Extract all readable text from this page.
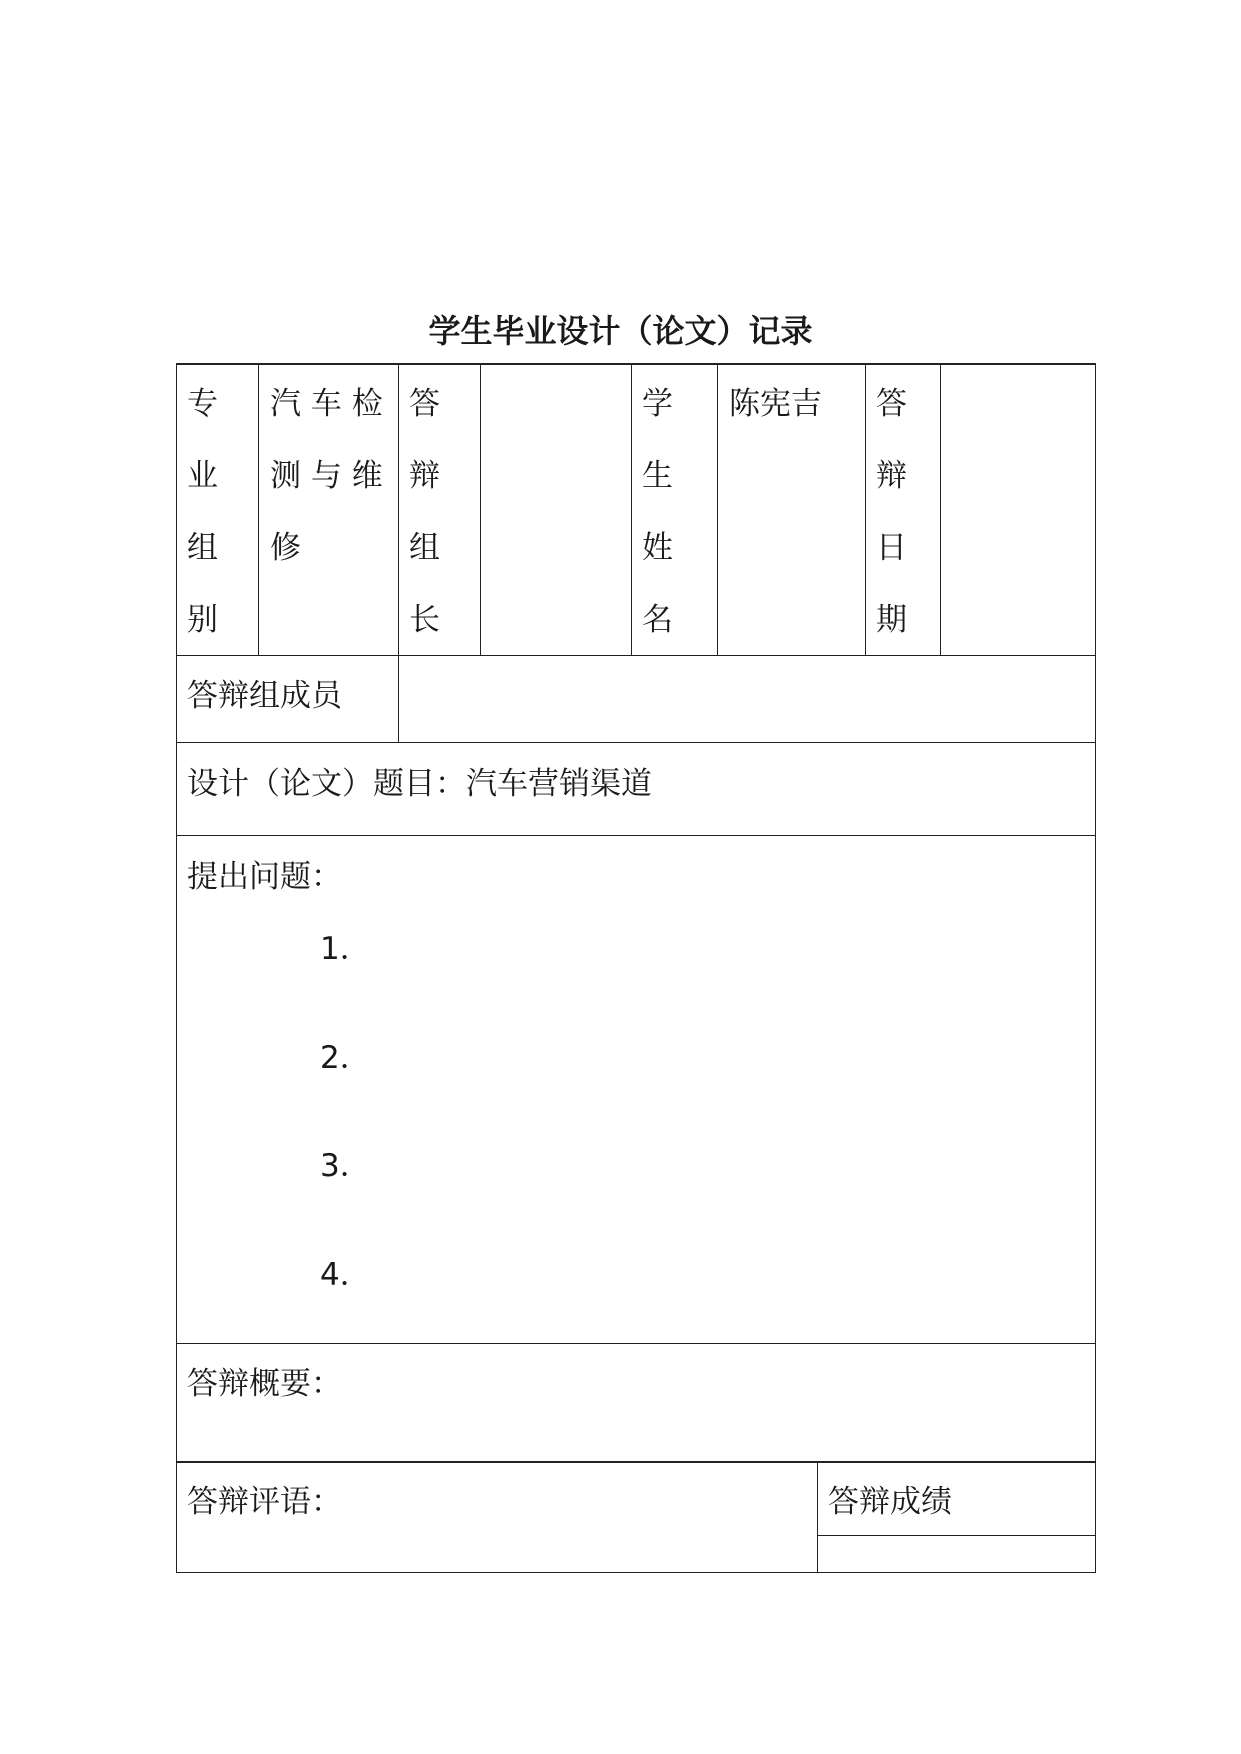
学生毕业设计（论文）记录
专
业
组
别
汽 车 检
测 与 维
修
答
辩
组
长
学
生
姓
名
陈宪吉	答
辩
日
期
答辩组成员
设计（论文）题目：汽车营销渠道
提出问题：
1．
2．
3．
4．
答辩概要：
答辩评语：	答辩成绩
